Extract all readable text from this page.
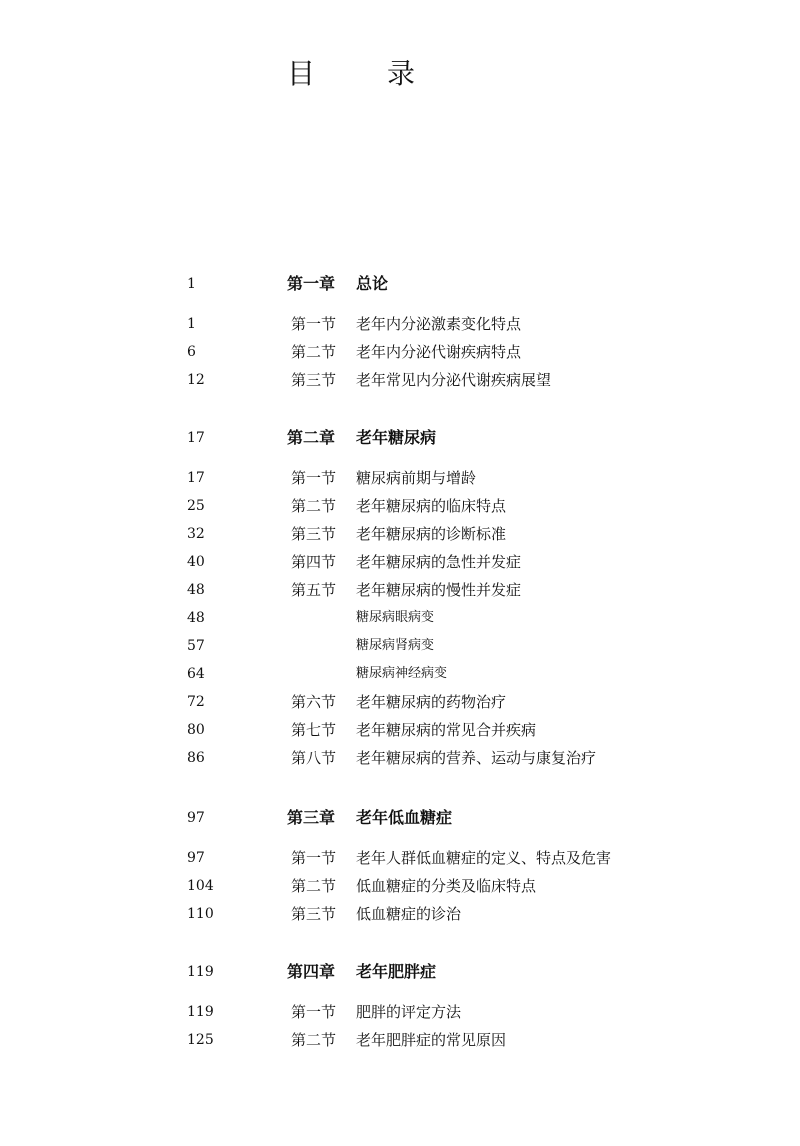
目　录
1	第一章 总论
1	第一节 老年内分泌激素变化特点
6	第二节 老年内分泌代谢疾病特点
12	第三节 老年常见内分泌代谢疾病展望
17	第二章 老年糖尿病
17	第一节 糖尿病前期与增龄
25	第二节 老年糖尿病的临床特点
32	第三节 老年糖尿病的诊断标准
40	第四节 老年糖尿病的急性并发症
48	第五节 老年糖尿病的慢性并发症
48	糖尿病眼病变
57	糖尿病肾病变
64	糖尿病神经病变
72	第六节 老年糖尿病的药物治疗
80	第七节 老年糖尿病的常见合并疾病
86	第八节 老年糖尿病的营养、运动与康复治疗
97	第三章 老年低血糖症
97	第一节 老年人群低血糖症的定义、特点及危害
104	第二节 低血糖症的分类及临床特点
110	第三节 低血糖症的诊治
119	第四章 老年肥胖症
119	第一节 肥胖的评定方法
125	第二节 老年肥胖症的常见原因
